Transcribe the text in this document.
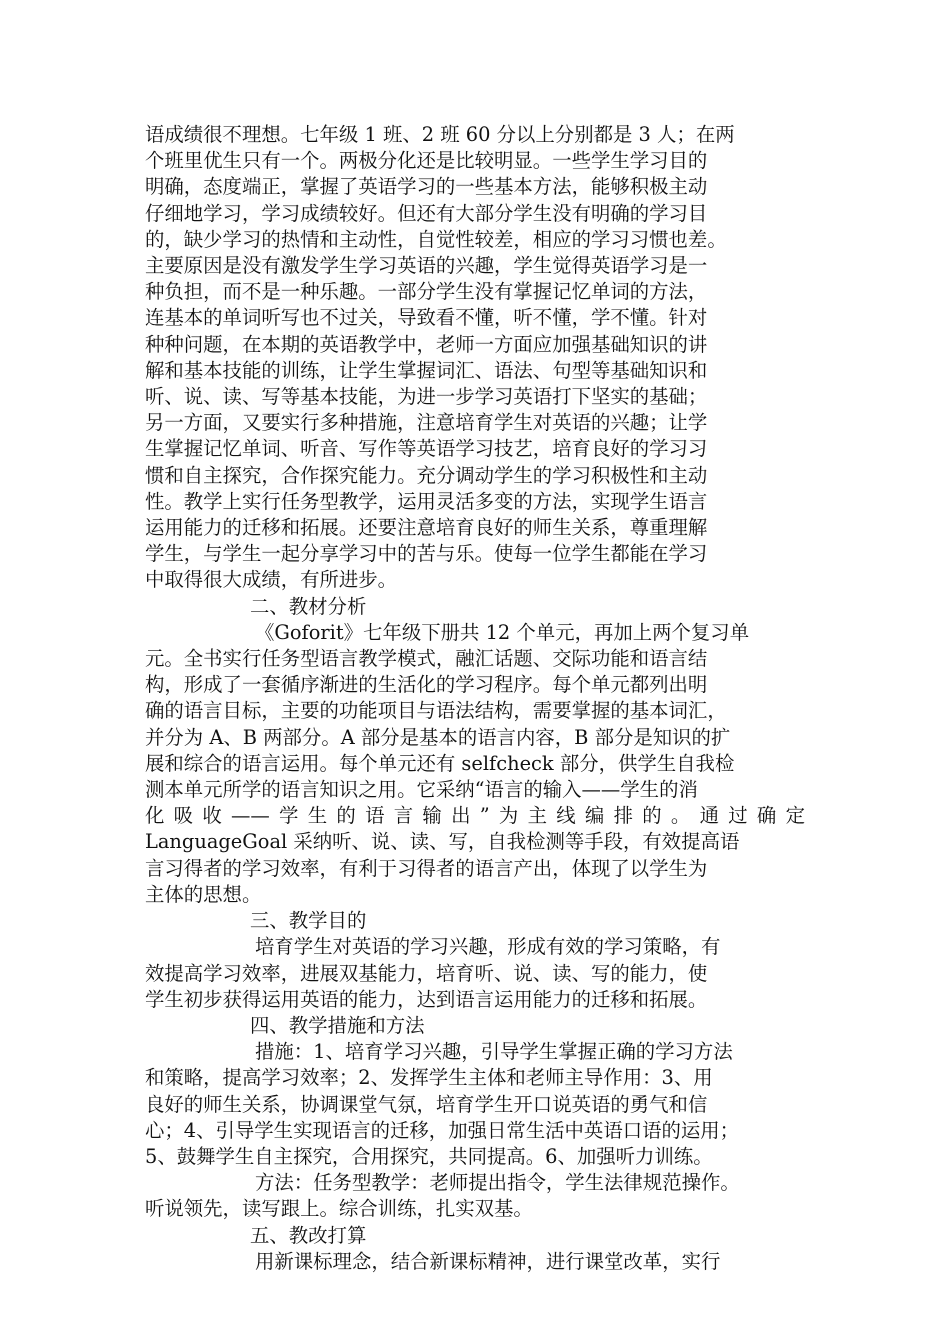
语成绩很不理想。七年级 1 班、2 班 60 分以上分别都是 3 人；在两
个班里优生只有一个。两极分化还是比较明显。一些学生学习目的
明确，态度端正，掌握了英语学习的一些基本方法，能够积极主动
仔细地学习，学习成绩较好。但还有大部分学生没有明确的学习目
的，缺少学习的热情和主动性，自觉性较差，相应的学习习惯也差。
主要原因是没有激发学生学习英语的兴趣，学生觉得英语学习是一
种负担，而不是一种乐趣。一部分学生没有掌握记忆单词的方法，
连基本的单词听写也不过关，导致看不懂，听不懂，学不懂。针对
种种问题，在本期的英语教学中，老师一方面应加强基础知识的讲
解和基本技能的训练，让学生掌握词汇、语法、句型等基础知识和
听、说、读、写等基本技能，为进一步学习英语打下坚实的基础；
另一方面，又要实行多种措施，注意培育学生对英语的兴趣；让学
生掌握记忆单词、听音、写作等英语学习技艺，培育良好的学习习
惯和自主探究，合作探究能力。充分调动学生的学习积极性和主动
性。教学上实行任务型教学，运用灵活多变的方法，实现学生语言
运用能力的迁移和拓展。还要注意培育良好的师生关系，尊重理解
学生，与学生一起分享学习中的苦与乐。使每一位学生都能在学习
中取得很大成绩，有所进步。

二、教材分析

《Goforit》七年级下册共 12 个单元，再加上两个复习单
元。全书实行任务型语言教学模式，融汇话题、交际功能和语言结
构，形成了一套循序渐进的生活化的学习程序。每个单元都列出明
确的语言目标，主要的功能项目与语法结构，需要掌握的基本词汇，
并分为 A、B 两部分。A 部分是基本的语言内容，B 部分是知识的扩
展和综合的语言运用。每个单元还有 selfcheck 部分，供学生自我检
测本单元所学的语言知识之用。它采纳“语言的输入——学生的消
化吸收——学生的语言输出”为主线编排的。通过确定
LanguageGoal 采纳听、说、读、写，自我检测等手段，有效提高语
言习得者的学习效率，有利于习得者的语言产出，体现了以学生为
主体的思想。

三、教学目的

培育学生对英语的学习兴趣，形成有效的学习策略，有
效提高学习效率，进展双基能力，培育听、说、读、写的能力，使
学生初步获得运用英语的能力，达到语言运用能力的迁移和拓展。

四、教学措施和方法

措施：1、培育学习兴趣，引导学生掌握正确的学习方法
和策略，提高学习效率；2、发挥学生主体和老师主导作用：3、用
良好的师生关系，协调课堂气氛，培育学生开口说英语的勇气和信
心；4、引导学生实现语言的迁移，加强日常生活中英语口语的运用；
5、鼓舞学生自主探究，合用探究，共同提高。6、加强听力训练。

方法：任务型教学：老师提出指令，学生法律规范操作。
听说领先，读写跟上。综合训练，扎实双基。

五、教改打算

用新课标理念，结合新课标精神，进行课堂改革，实行
